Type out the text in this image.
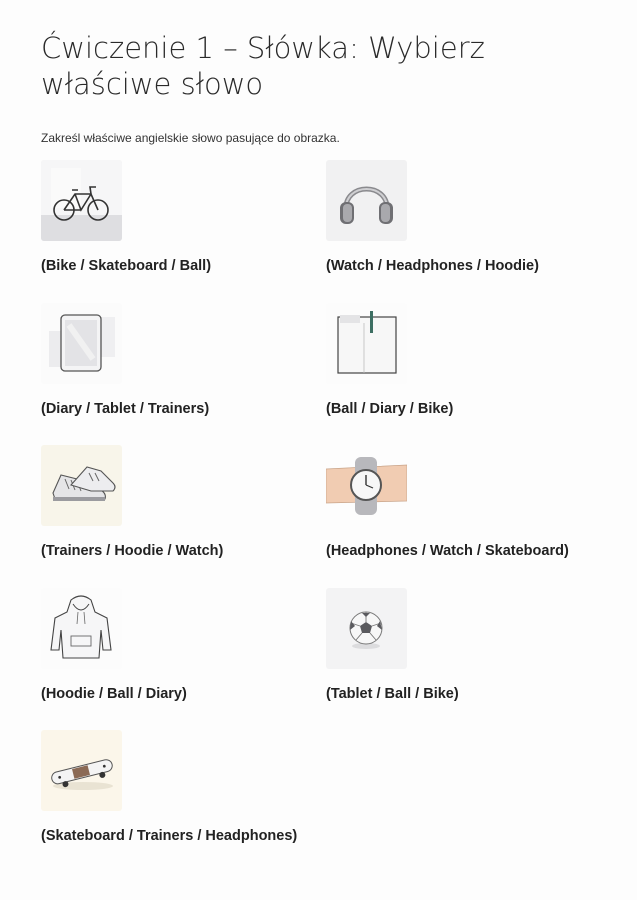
Ćwiczenie 1 – Słówka: Wybierz właściwe słowo

Zakreśl właściwe angielskie słowo pasujące do obrazka.

(Bike / Skateboard / Ball)	(Watch / Headphones / Hoodie)
(Diary / Tablet / Trainers)	(Ball / Diary / Bike)
(Trainers / Hoodie / Watch)	(Headphones / Watch / Skateboard)
(Hoodie / Ball / Diary)	(Tablet / Ball / Bike)
(Skateboard / Trainers / Headphones)
